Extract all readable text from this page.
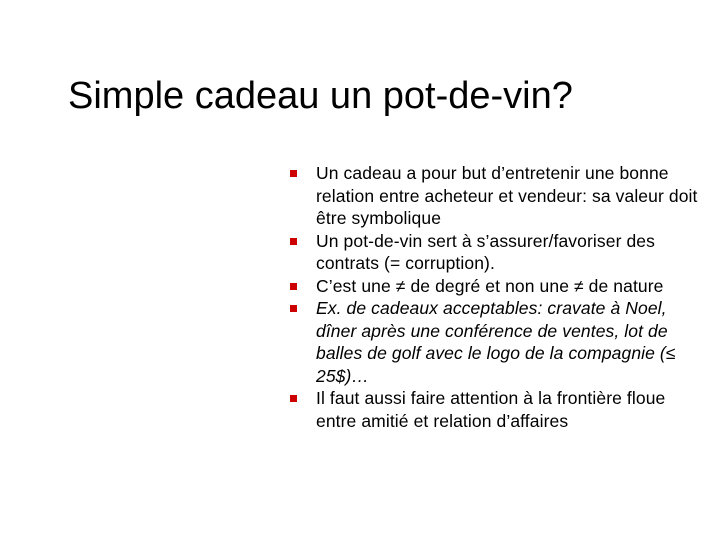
Simple cadeau un pot-de-vin?
Un cadeau a pour but d’entretenir une bonne relation entre acheteur et vendeur: sa valeur doit être symbolique
Un pot-de-vin sert à s’assurer/favoriser des contrats (= corruption).
C’est une ≠ de degré et non une ≠ de nature
Ex. de cadeaux acceptables: cravate à Noel, dîner après une conférence de ventes, lot de balles de golf avec le logo de la compagnie (≤ 25$)…
Il faut aussi faire attention à la frontière floue entre amitié et relation d’affaires
